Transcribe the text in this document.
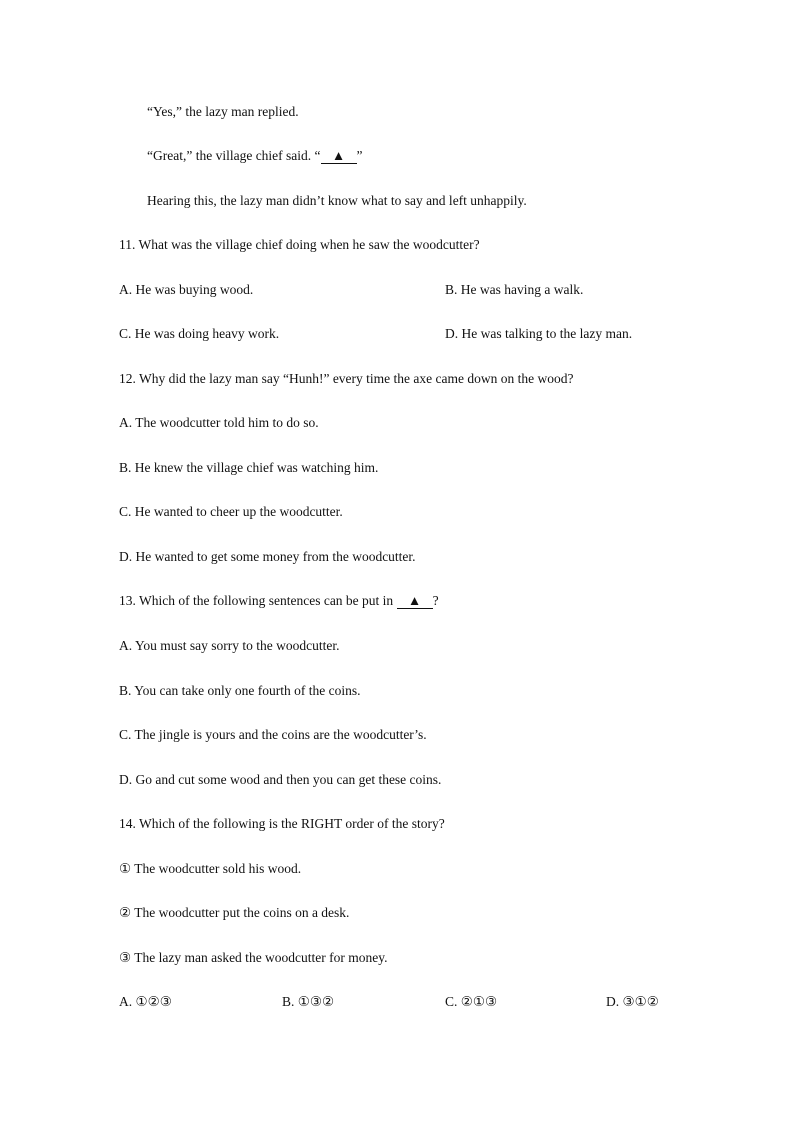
“Yes,” the lazy man replied.
“Great,” the village chief said. “ ▲ ”
Hearing this, the lazy man didn’t know what to say and left unhappily.
11. What was the village chief doing when he saw the woodcutter?
A. He was buying wood.	B. He was having a walk.
C. He was doing heavy work.	D. He was talking to the lazy man.
12. Why did the lazy man say “Hunh!” every time the axe came down on the wood?
A. The woodcutter told him to do so.
B. He knew the village chief was watching him.
C. He wanted to cheer up the woodcutter.
D. He wanted to get some money from the woodcutter.
13. Which of the following sentences can be put in ▲ ?
A. You must say sorry to the woodcutter.
B. You can take only one fourth of the coins.
C. The jingle is yours and the coins are the woodcutter’s.
D. Go and cut some wood and then you can get these coins.
14. Which of the following is the RIGHT order of the story?
① The woodcutter sold his wood.
② The woodcutter put the coins on a desk.
③ The lazy man asked the woodcutter for money.
A. ①②③	B. ①③②	C. ②①③	D. ③①②
